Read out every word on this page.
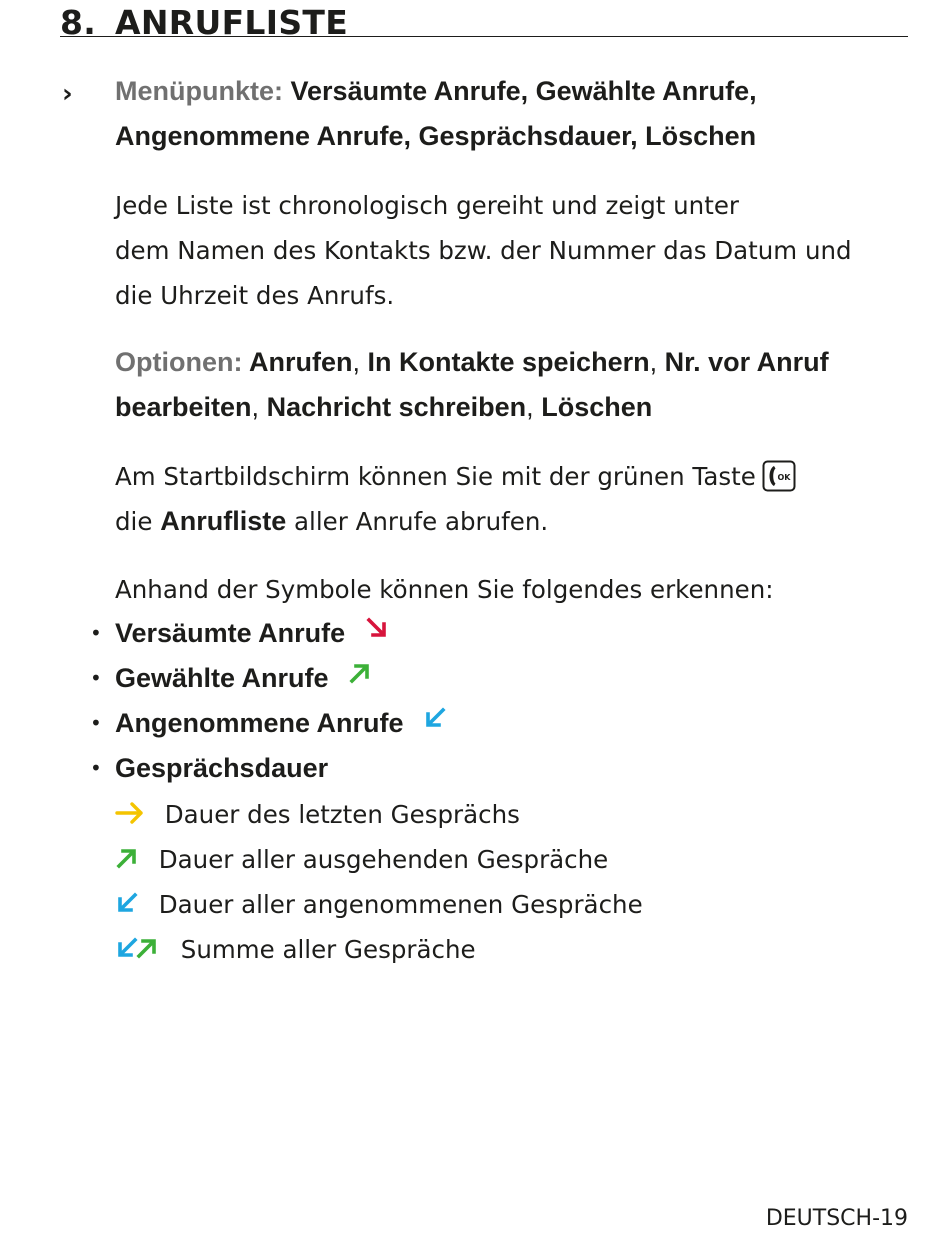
8. ANRUFLISTE
› Menüpunkte: Versäumte Anrufe, Gewählte Anrufe,
Angenommene Anrufe, Gesprächsdauer, Löschen
Jede Liste ist chronologisch gereiht und zeigt unter
dem Namen des Kontakts bzw. der Nummer das Datum und
die Uhrzeit des Anrufs.
Optionen: Anrufen, In Kontakte speichern, Nr. vor Anruf
bearbeiten, Nachricht schreiben, Löschen
Am Startbildschirm können Sie mit der grünen Taste	OK
die Anrufliste aller Anrufe abrufen.
Anhand der Symbole können Sie folgendes erkennen:
• Versäumte Anrufe
• Gewählte Anrufe
• Angenommene Anrufe
• Gesprächsdauer
Dauer des letzten Gesprächs
Dauer aller ausgehenden Gespräche
Dauer aller angenommenen Gespräche
Summe aller Gespräche
DEUTSCH-19
